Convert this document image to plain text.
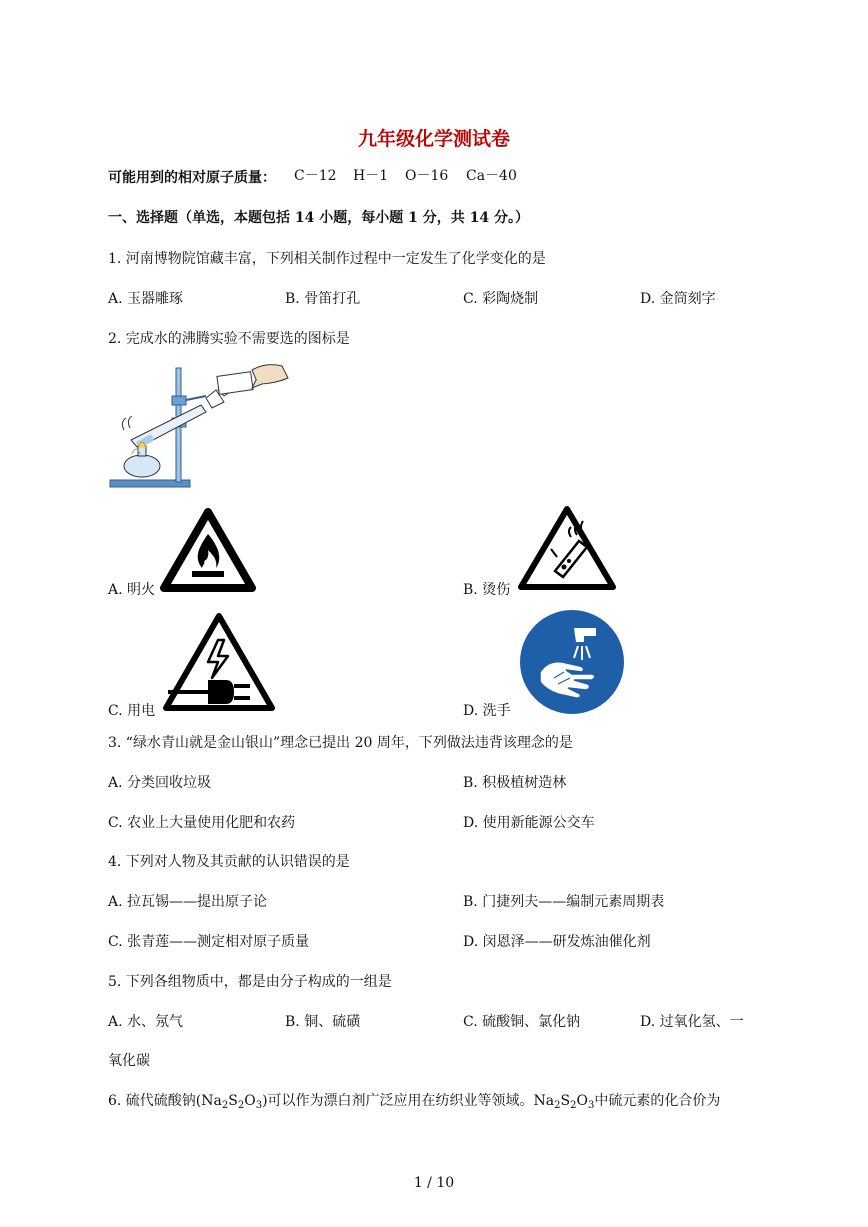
九年级化学测试卷
可能用到的相对原子质量： C－12 H－1 O－16 Ca－40
一、选择题（单选，本题包括 14 小题，每小题 1 分，共 14 分。）
1. 河南博物院馆藏丰富，下列相关制作过程中一定发生了化学变化的是
A. 玉器雕琢	B. 骨笛打孔	C. 彩陶烧制	D. 金筒刻字
2. 完成水的沸腾实验不需要选的图标是
A. 明火	B. 烫伤
C. 用电	D. 洗手
3. “绿水青山就是金山银山”理念已提出 20 周年，下列做法违背该理念的是
A. 分类回收垃圾	B. 积极植树造林
C. 农业上大量使用化肥和农药	D. 使用新能源公交车
4. 下列对人物及其贡献的认识错误的是
A. 拉瓦锡——提出原子论	B. 门捷列夫——编制元素周期表
C. 张青莲——测定相对原子质量	D. 闵恩泽——研发炼油催化剂
5. 下列各组物质中，都是由分子构成的一组是
A. 水、氖气	B. 铜、硫磺	C. 硫酸铜、氯化钠	D. 过氧化氢、一
氧化碳
6. 硫代硫酸钠$(Na_2S_2O_3)$可以作为漂白剂广泛应用在纺织业等领域。$Na_2S_2O_3$中硫元素的化合价为
1 / 10
